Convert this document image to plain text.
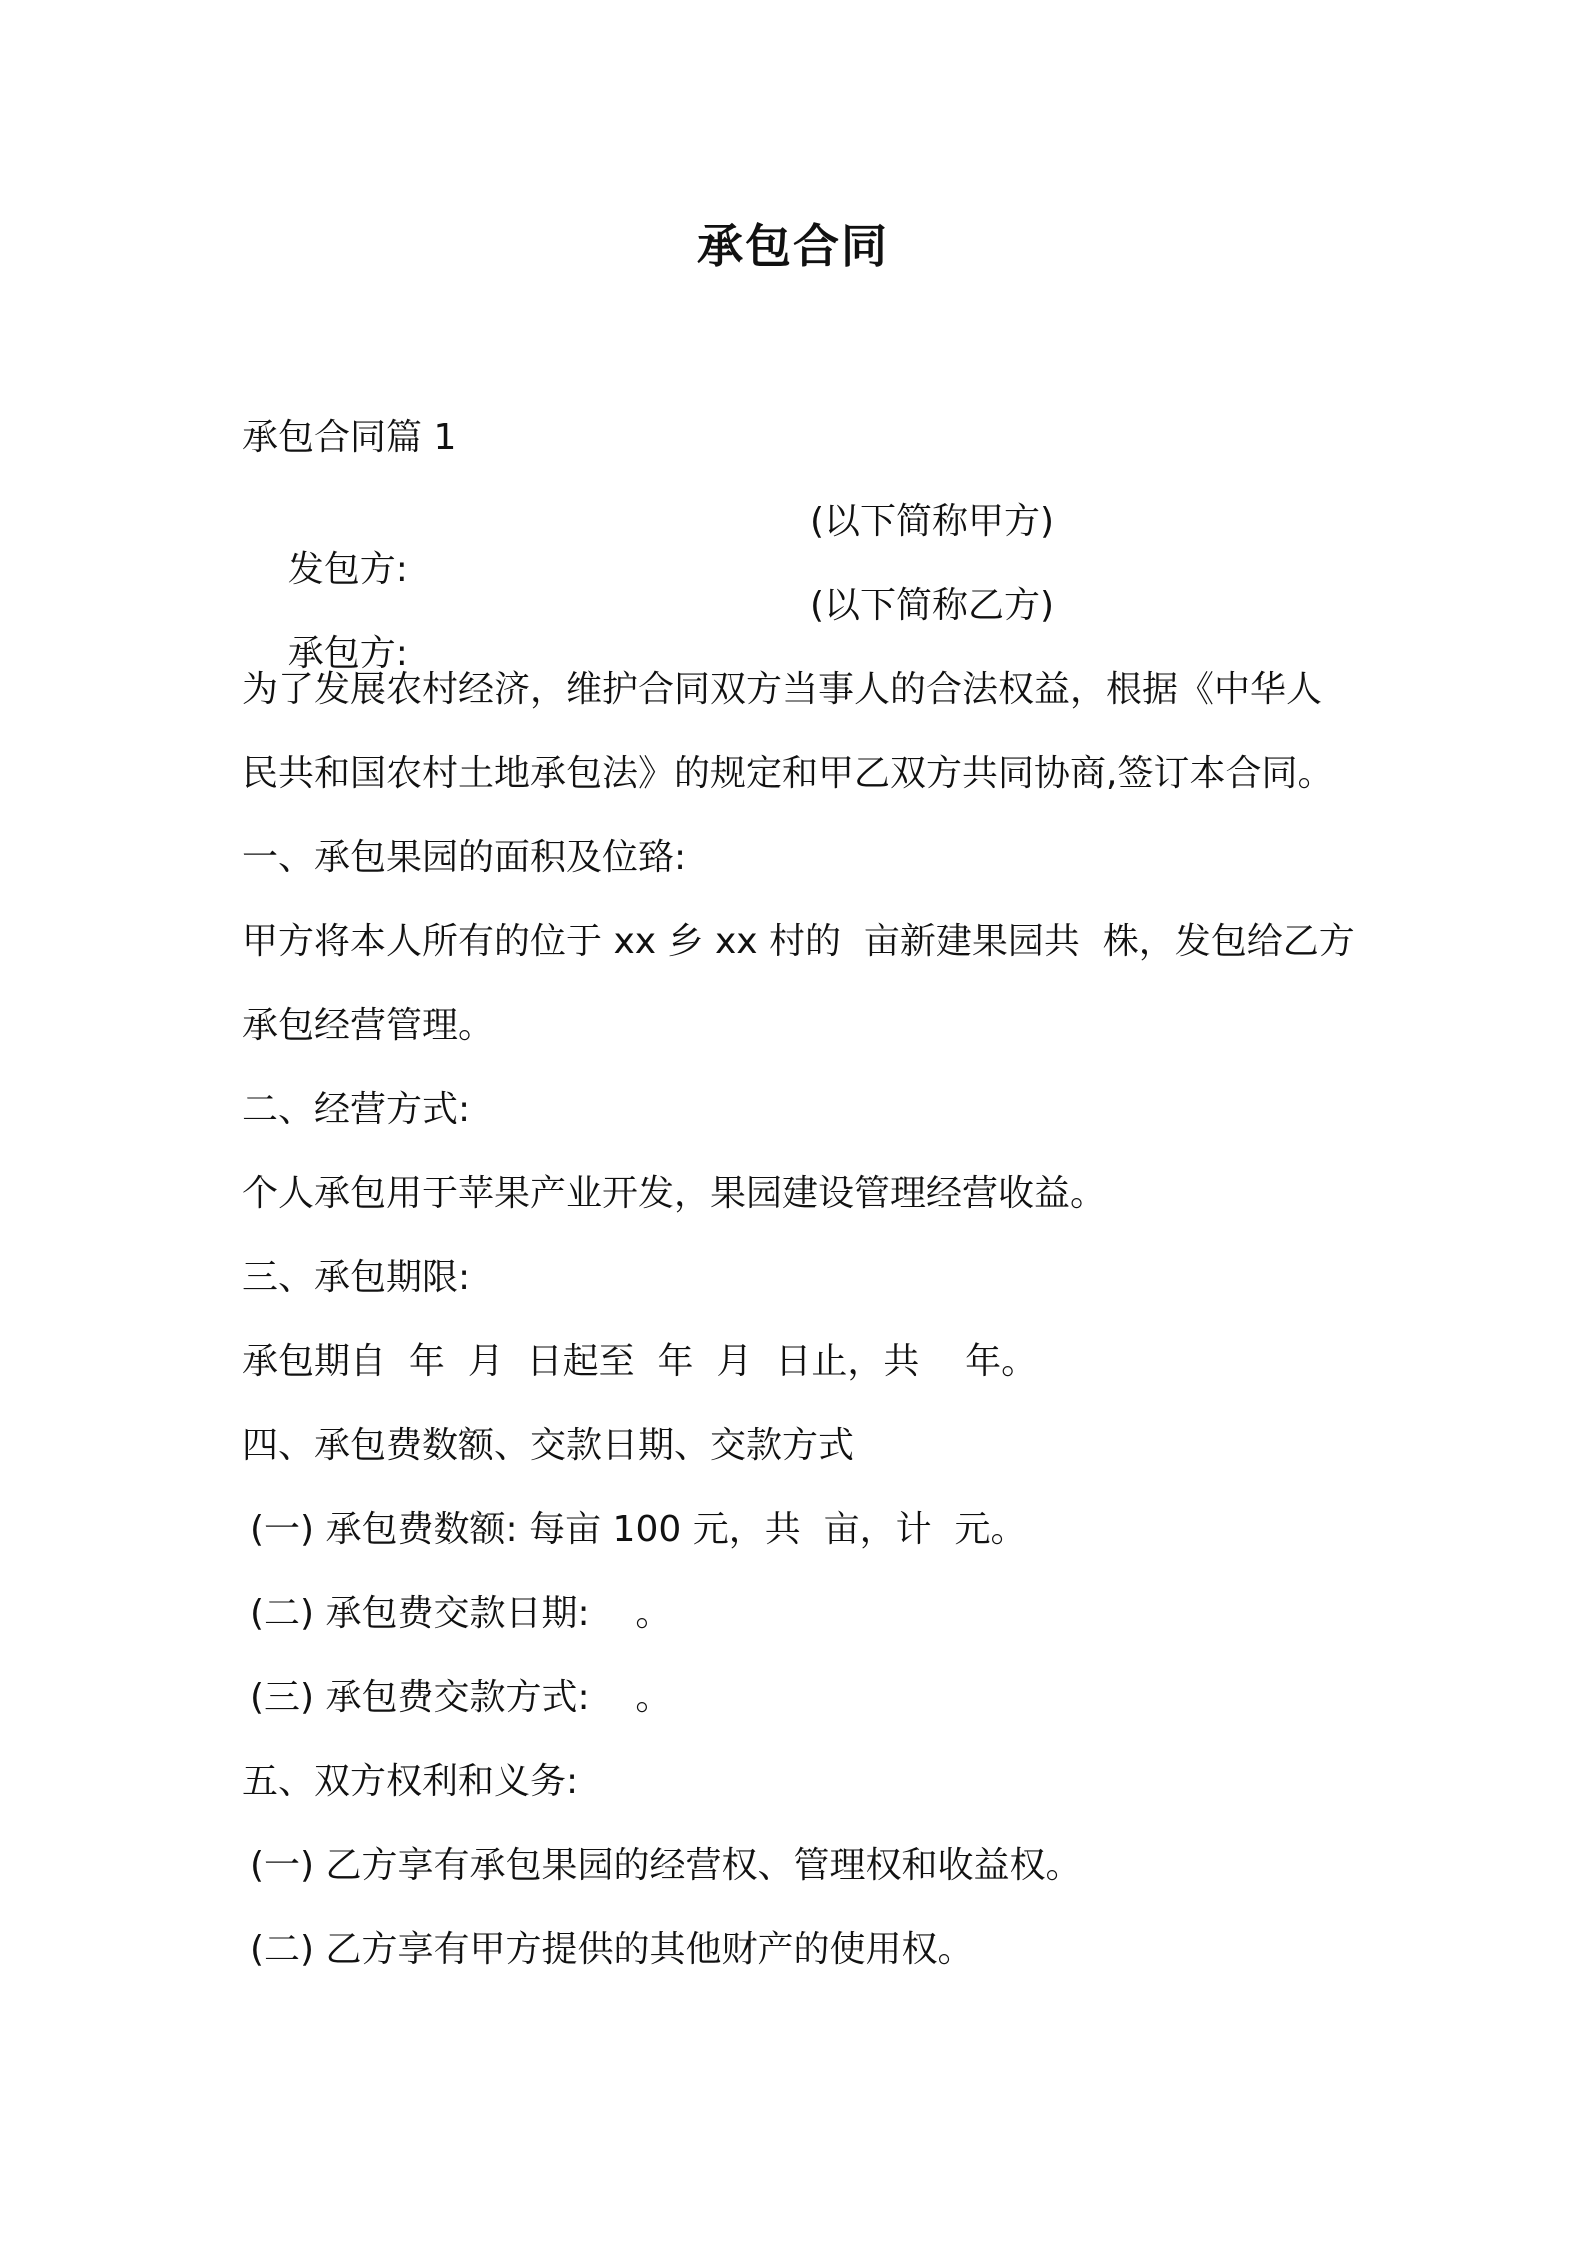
承包合同
承包合同篇 1

发包方:

(以下简称甲方)

承包方:

(以下简称乙方)
为了发展农村经济，维护合同双方当事人的合法权益，根据《中华人
民共和国农村土地承包法》的规定和甲乙双方共同协商,签订本合同。
一、承包果园的面积及位臵:
甲方将本人所有的位于 xx 乡 xx 村的  亩新建果园共  株，发包给乙方
承包经营管理。
二、经营方式:
个人承包用于苹果产业开发，果园建设管理经营收益。
三、承包期限:
承包期自  年  月  日起至  年  月  日止，共    年。
四、承包费数额、交款日期、交款方式
(一) 承包费数额: 每亩 100 元，共  亩，计  元。
(二) 承包费交款日期:    。
(三) 承包费交款方式:    。
五、双方权利和义务:
(一) 乙方享有承包果园的经营权、管理权和收益权。
(二) 乙方享有甲方提供的其他财产的使用权。
